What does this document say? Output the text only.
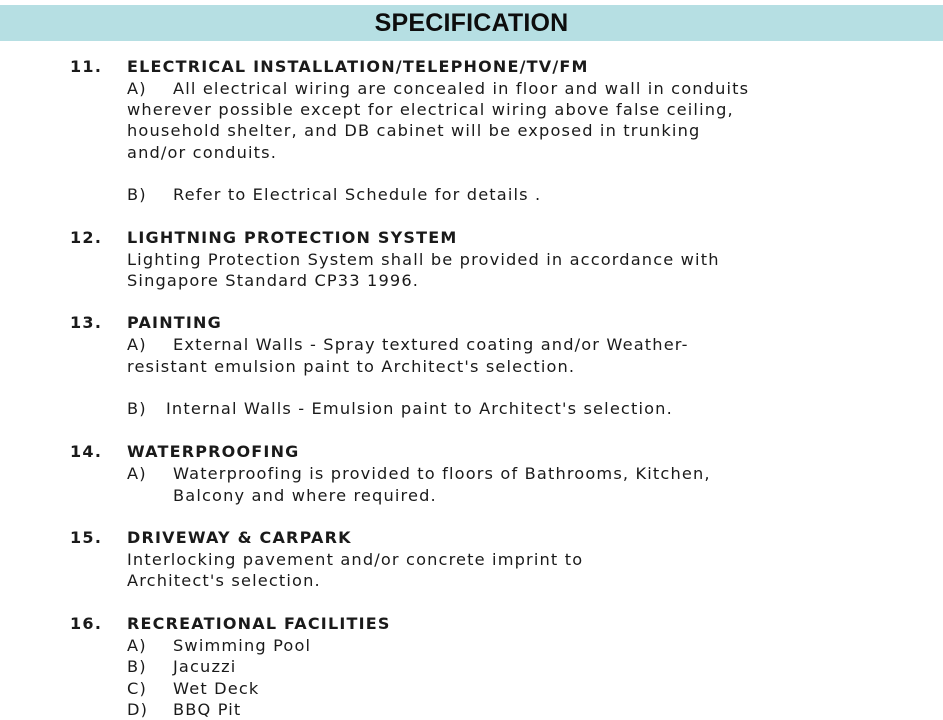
SPECIFICATION
11. ELECTRICAL INSTALLATION/TELEPHONE/TV/FM
A) All electrical wiring are concealed in floor and wall in conduits
wherever possible except for electrical wiring above false ceiling,
household shelter, and DB cabinet will be exposed in trunking
and/or conduits.
B) Refer to Electrical Schedule for details .
12. LIGHTNING PROTECTION SYSTEM
Lighting Protection System shall be provided in accordance with
Singapore Standard CP33 1996.
13. PAINTING
A) External Walls - Spray textured coating and/or Weather-
resistant emulsion paint to Architect's selection.
B) Internal Walls - Emulsion paint to Architect's selection.
14. WATERPROOFING
A) Waterproofing is provided to floors of Bathrooms, Kitchen,
Balcony and where required.
15. DRIVEWAY & CARPARK
Interlocking pavement and/or concrete imprint to
Architect's selection.
16. RECREATIONAL FACILITIES
A) Swimming Pool
B) Jacuzzi
C) Wet Deck
D) BBQ Pit
